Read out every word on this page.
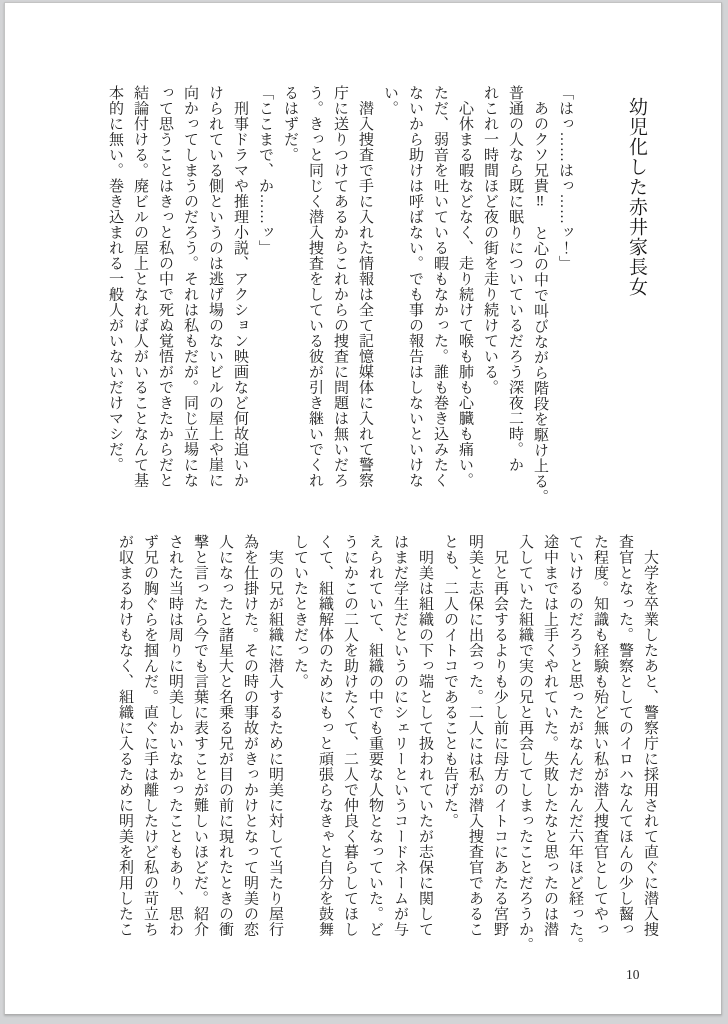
幼児化した赤井家長女
「はっ……はっ……ッ！」
　あのクソ兄貴‼　と心の中で叫びながら階段を駆け上る。
普通の人なら既に眠りについているだろう深夜二時。か
れこれ一時間ほど夜の街を走り続けている。
　心休まる暇などなく、走り続けて喉も肺も心臓も痛い。
ただ、弱音を吐いている暇もなかった。誰も巻き込みたく
ないから助けは呼ばない。でも事の報告はしないといけな
い。
　潜入捜査で手に入れた情報は全て記憶媒体に入れて警察
庁に送りつけてあるからこれからの捜査に問題は無いだろ
う。きっと同じく潜入捜査をしている彼が引き継いでくれ
るはずだ。
「ここまで、か……ッ」
　刑事ドラマや推理小説、アクション映画など何故追いか
けられている側というのは逃げ場のないビルの屋上や崖に
向かってしまうのだろう。それは私もだが。同じ立場にな
って思うことはきっと私の中で死ぬ覚悟ができたからだと
結論付ける。廃ビルの屋上となれば人がいることなんて基
本的に無い。巻き込まれる一般人がいないだけマシだ。
　大学を卒業したあと、警察庁に採用されて直ぐに潜入捜
査官となった。警察としてのイロハなんてほんの少し齧っ
た程度。知識も経験も殆ど無い私が潜入捜査官としてやっ
ていけるのだろうと思ったがなんだかんだ六年ほど経った。
途中までは上手くやれていた。失敗したなと思ったのは潜
入していた組織で実の兄と再会してしまったことだろうか。
　兄と再会するよりも少し前に母方のイトコにあたる宮野
明美と志保に出会った。二人には私が潜入捜査官であるこ
とも、二人のイトコであることも告げた。
　明美は組織の下っ端として扱われていたが志保に関して
はまだ学生だというのにシェリーというコードネームが与
えられていて、組織の中でも重要な人物となっていた。ど
うにかこの二人を助けたくて、二人で仲良く暮らしてほし
くて、組織解体のためにもっと頑張らなきゃと自分を鼓舞
していたときだった。
　実の兄が組織に潜入するために明美に対して当たり屋行
為を仕掛けた。その時の事故がきっかけとなって明美の恋
人になったと諸星大と名乗る兄が目の前に現れたときの衝
撃と言ったら今でも言葉に表すことが難しいほどだ。紹介
された当時は周りに明美しかいなかったこともあり、思わ
ず兄の胸ぐらを掴んだ。直ぐに手は離したけど私の苛立ち
が収まるわけもなく、組織に入るために明美を利用したこ
10
